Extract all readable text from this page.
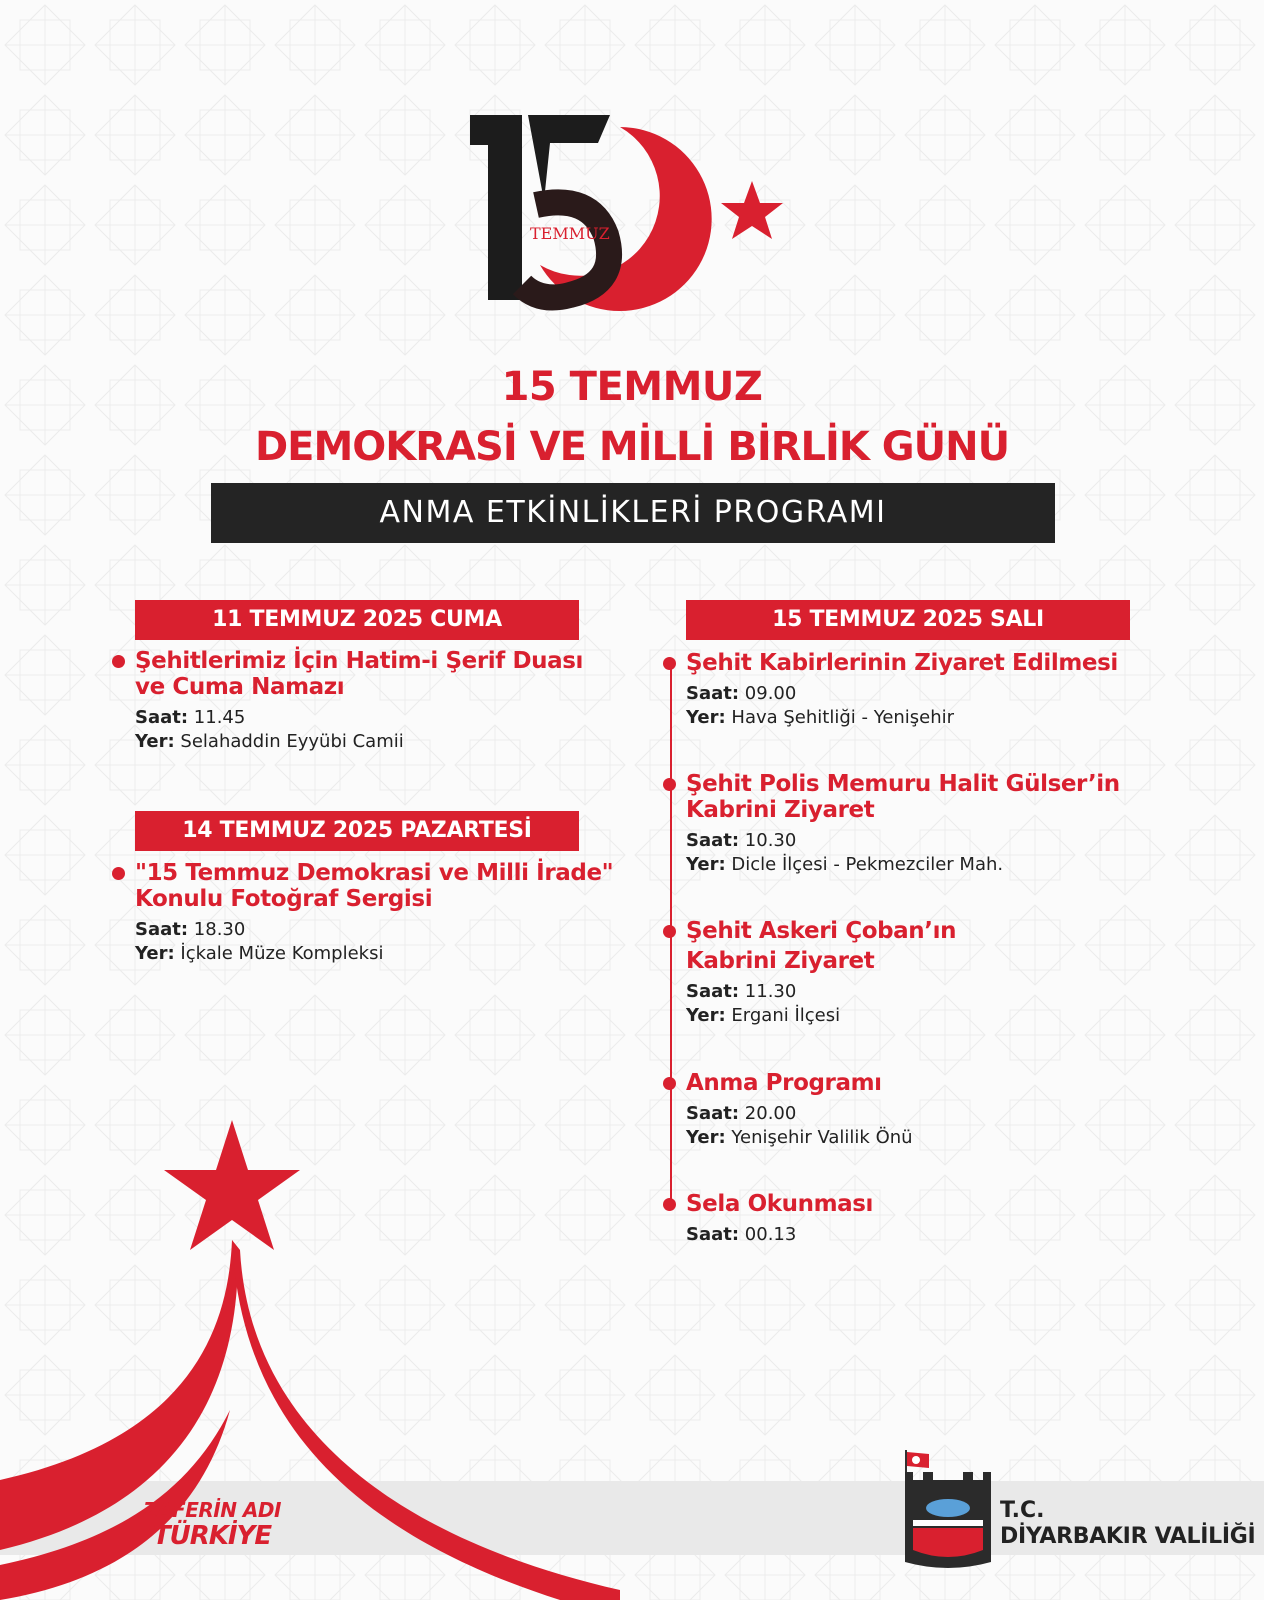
TEMMUZ
15 TEMMUZ
DEMOKRASİ VE MİLLİ BİRLİK GÜNÜ
ANMA ETKİNLİKLERİ PROGRAMI
11 TEMMUZ 2025 CUMA
Şehitlerimiz İçin Hatim-i Şerif Duası
ve Cuma Namazı
Saat: 11.45
Yer: Selahaddin Eyyübi Camii
14 TEMMUZ 2025 PAZARTESİ
"15 Temmuz Demokrasi ve Milli İrade"
Konulu Fotoğraf Sergisi
Saat: 18.30
Yer: İçkale Müze Kompleksi
15 TEMMUZ 2025 SALI
Şehit Kabirlerinin Ziyaret Edilmesi
Saat: 09.00
Yer: Hava Şehitliği - Yenişehir
Şehit Polis Memuru Halit Gülser’in
Kabrini Ziyaret
Saat: 10.30
Yer: Dicle İlçesi - Pekmezciler Mah.
Şehit Askeri Çoban’ın
Kabrini Ziyaret
Saat: 11.30
Yer: Ergani İlçesi
Anma Programı
Saat: 20.00
Yer: Yenişehir Valilik Önü
Sela Okunması
Saat: 00.13
ZAFERİN ADI
TÜRKİYE
T.C.
DİYARBAKIR VALİLİĞİ
